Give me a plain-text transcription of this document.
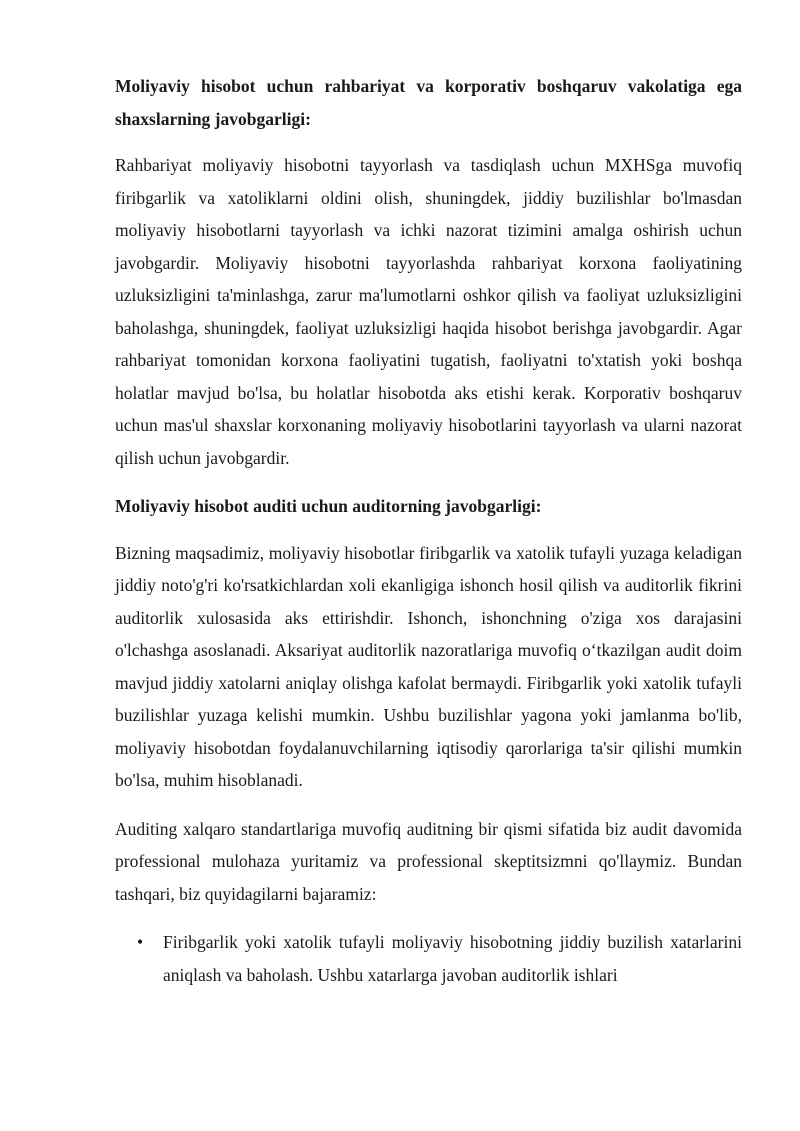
Moliyaviy hisobot uchun rahbariyat va korporativ boshqaruv vakolatiga ega shaxslarning javobgarligi:

Rahbariyat moliyaviy hisobotni tayyorlash va tasdiqlash uchun MXHSga muvofiq firibgarlik va xatoliklarni oldini olish, shuningdek, jiddiy buzilishlar bo'lmasdan moliyaviy hisobotlarni tayyorlash va ichki nazorat tizimini amalga oshirish uchun javobgardir. Moliyaviy hisobotni tayyorlashda rahbariyat korxona faoliyatining uzluksizligini ta'minlashga, zarur ma'lumotlarni oshkor qilish va faoliyat uzluksizligini baholashga, shuningdek, faoliyat uzluksizligi haqida hisobot berishga javobgardir. Agar rahbariyat tomonidan korxona faoliyatini tugatish, faoliyatni to'xtatish yoki boshqa holatlar mavjud bo'lsa, bu holatlar hisobotda aks etishi kerak. Korporativ boshqaruv uchun mas'ul shaxslar korxonaning moliyaviy hisobotlarini tayyorlash va ularni nazorat qilish uchun javobgardir.

Moliyaviy hisobot auditi uchun auditorning javobgarligi:

Bizning maqsadimiz, moliyaviy hisobotlar firibgarlik va xatolik tufayli yuzaga keladigan jiddiy noto'g'ri ko'rsatkichlardan xoli ekanligiga ishonch hosil qilish va auditorlik fikrini auditorlik xulosasida aks ettirishdir. Ishonch, ishonchning o'ziga xos darajasini o'lchashga asoslanadi. Aksariyat auditorlik nazoratlariga muvofiq o‘tkazilgan audit doim mavjud jiddiy xatolarni aniqlay olishga kafolat bermaydi. Firibgarlik yoki xatolik tufayli buzilishlar yuzaga kelishi mumkin. Ushbu buzilishlar yagona yoki jamlanma bo'lib, moliyaviy hisobotdan foydalanuvchilarning iqtisodiy qarorlariga ta'sir qilishi mumkin bo'lsa, muhim hisoblanadi.

Auditing xalqaro standartlariga muvofiq auditning bir qismi sifatida biz audit davomida professional mulohaza yuritamiz va professional skeptitsizmni qo'llaymiz. Bundan tashqari, biz quyidagilarni bajaramiz:

• Firibgarlik yoki xatolik tufayli moliyaviy hisobotning jiddiy buzilish xatarlarini aniqlash va baholash. Ushbu xatarlarga javoban auditorlik ishlari
